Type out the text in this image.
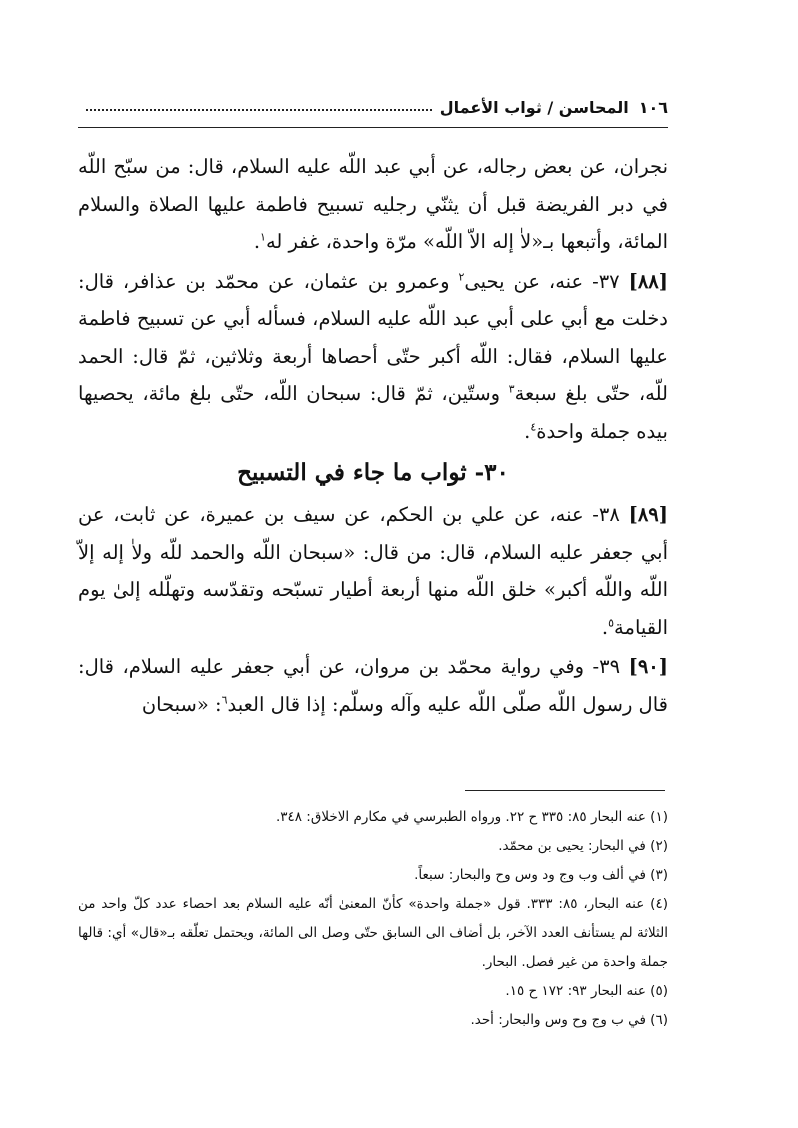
١٠٦
المحاسن / ثواب الأعمال

نجران، عن بعض رجاله، عن أبي عبد اللّه عليه السلام، قال: من سبّح اللّه في دبر الفريضة قبل أن يثنّي رجليه تسبيح فاطمة عليها الصلاة والسلام المائة، وأتبعها بـ«لاٰ إله الاّ اللّه» مرّة واحدة، غفر له$^١$.

[٨٨] ٣٧- عنه، عن يحيى$^٢$ وعمرو بن عثمان، عن محمّد بن عذافر، قال: دخلت مع أبي على أبي عبد اللّه عليه السلام، فسأله أبي عن تسبيح فاطمة عليها السلام، فقال: اللّه أكبر حتّى أحصاها أربعة وثلاثين، ثمّ قال: الحمد للّه، حتّى بلغ سبعة$^٣$ وستّين، ثمّ قال: سبحان اللّه، حتّى بلغ مائة، يحصيها بيده جملة واحدة$^٤$.

٣٠- ثواب ما جاء في التسبيح

[٨٩] ٣٨- عنه، عن علي بن الحكم، عن سيف بن عميرة، عن ثابت، عن أبي جعفر عليه السلام، قال: من قال: «سبحان اللّه والحمد للّه ولاٰ إله إلاّ اللّه واللّه أكبر» خلق اللّه منها أربعة أطيار تسبّحه وتقدّسه وتهلّله إلىٰ يوم القيامة$^٥$.

[٩٠] ٣٩- وفي رواية محمّد بن مروان، عن أبي جعفر عليه السلام، قال: قال رسول اللّه صلّى اللّه عليه وآله وسلّم: إذا قال العبد$^٦$: «سبحان

(١) عنه البحار ٨٥: ٣٣٥ ح ٢٢. ورواه الطبرسي في مكارم الاخلاق: ٣٤٨.

(٢) في البحار: يحيى بن محمّد.

(٣) في ألف وب وج ود وس وح والبحار: سبعاً.

(٤) عنه البحار، ٨٥: ٣٣٣. قول «جملة واحدة» كأنّ المعنىٰ أنّه عليه السلام بعد احصاء عدد كلّ واحد من الثلاثة لم يستأنف العدد الآخر، بل أضاف الى السابق حتّى وصل الى المائة، ويحتمل تعلّقه بـ«قال» أي: قالها جملة واحدة من غير فصل. البحار.

(٥) عنه البحار ٩٣: ١٧٢ ح ١٥.

(٦) في ب وج وح وس والبحار: أحد.
